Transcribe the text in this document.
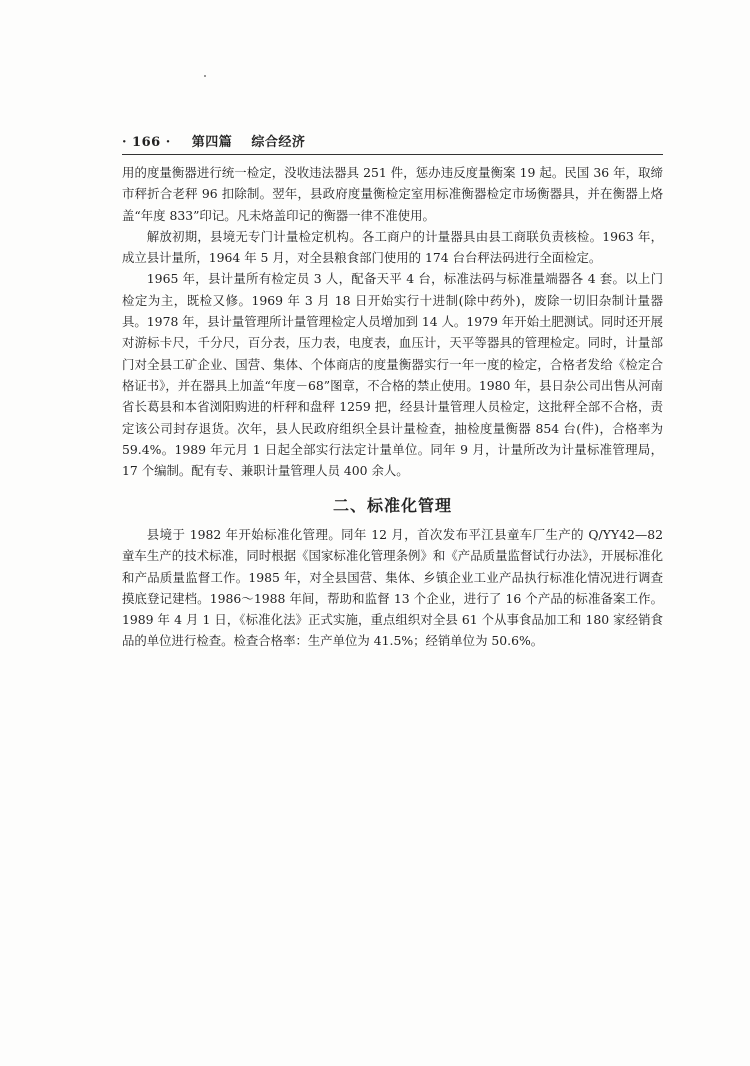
· 166 · 第四篇 综合经济

用的度量衡器进行统一检定，没收违法器具 251 件，惩办违反度量衡案 19 起。民国 36 年，取缔市秤折合老秤 96 扣除制。翌年，县政府度量衡检定室用标准衡器检定市场衡器具，并在衡器上烙盖“年度 833”印记。凡未烙盖印记的衡器一律不准使用。

解放初期，县境无专门计量检定机构。各工商户的计量器具由县工商联负责核检。1963 年，成立县计量所，1964 年 5 月，对全县粮食部门使用的 174 台台秤法码进行全面检定。

1965 年，县计量所有检定员 3 人，配备天平 4 台，标准法码与标准量端器各 4 套。以上门检定为主，既检又修。1969 年 3 月 18 日开始实行十进制(除中药外)，废除一切旧杂制计量器具。1978 年，县计量管理所计量管理检定人员增加到 14 人。1979 年开始土肥测试。同时还开展对游标卡尺，千分尺，百分表，压力表，电度表，血压计，天平等器具的管理检定。同时，计量部门对全县工矿企业、国营、集体、个体商店的度量衡器实行一年一度的检定，合格者发给《检定合格证书》，并在器具上加盖“年度－68”图章，不合格的禁止使用。1980 年，县日杂公司出售从河南省长葛县和本省浏阳购进的杆秤和盘秤 1259 把，经县计量管理人员检定，这批秤全部不合格，责定该公司封存退货。次年，县人民政府组织全县计量检查，抽检度量衡器 854 台(件)，合格率为 59.4%。1989 年元月 1 日起全部实行法定计量单位。同年 9 月，计量所改为计量标准管理局，17 个编制。配有专、兼职计量管理人员 400 余人。

二、标准化管理

县境于 1982 年开始标准化管理。同年 12 月，首次发布平江县童车厂生产的 Q/YY42—82 童车生产的技术标准，同时根据《国家标准化管理条例》和《产品质量监督试行办法》，开展标准化和产品质量监督工作。1985 年，对全县国营、集体、乡镇企业工业产品执行标准化情况进行调查摸底登记建档。1986～1988 年间，帮助和监督 13 个企业，进行了 16 个产品的标准备案工作。1989 年 4 月 1 日，《标准化法》正式实施，重点组织对全县 61 个从事食品加工和 180 家经销食品的单位进行检查。检查合格率：生产单位为 41.5%；经销单位为 50.6%。
